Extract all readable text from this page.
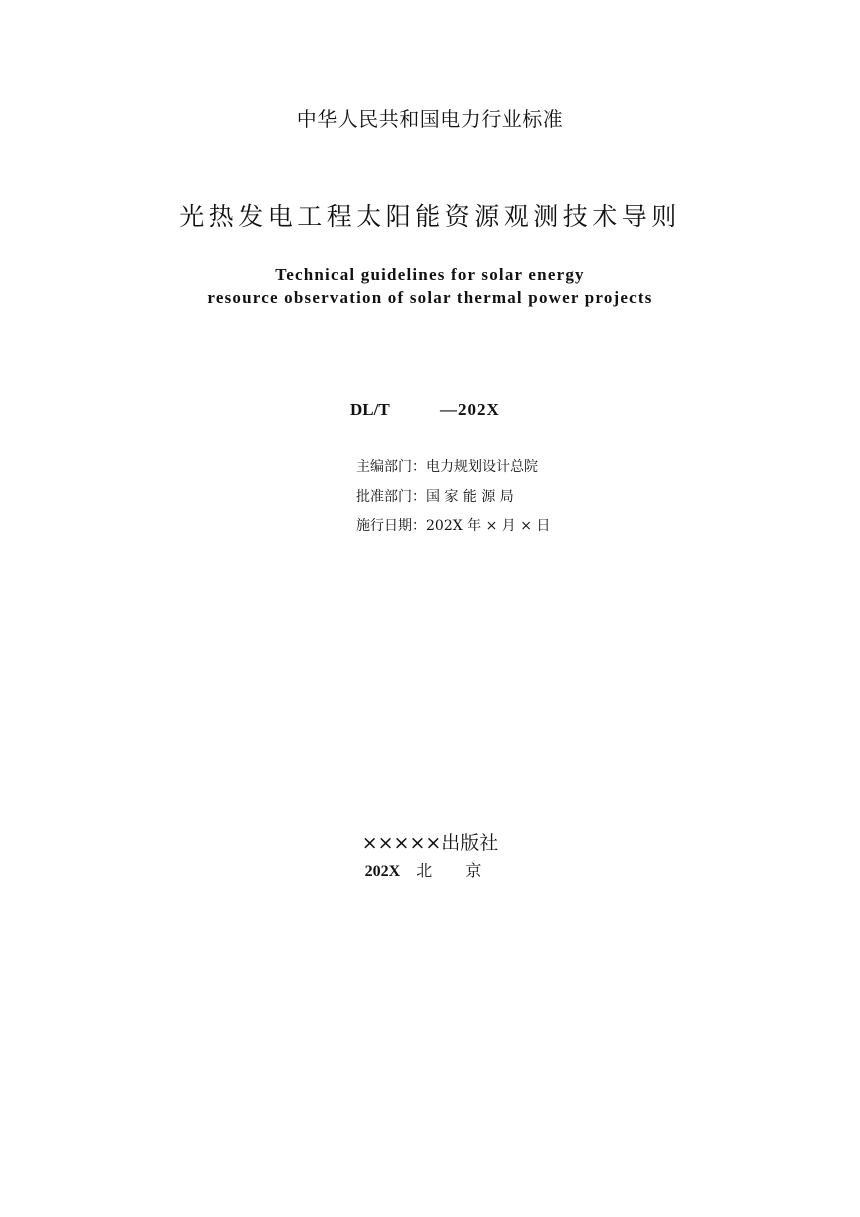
中华人民共和国电力行业标准
光热发电工程太阳能资源观测技术导则
Technical guidelines for solar energy
resource observation of solar thermal power projects
DL/T	—202X
主编部门：电力规划设计总院
批准部门：国 家 能 源 局
施行日期：202X 年 × 月 × 日
×××××出版社
202X 北 京
